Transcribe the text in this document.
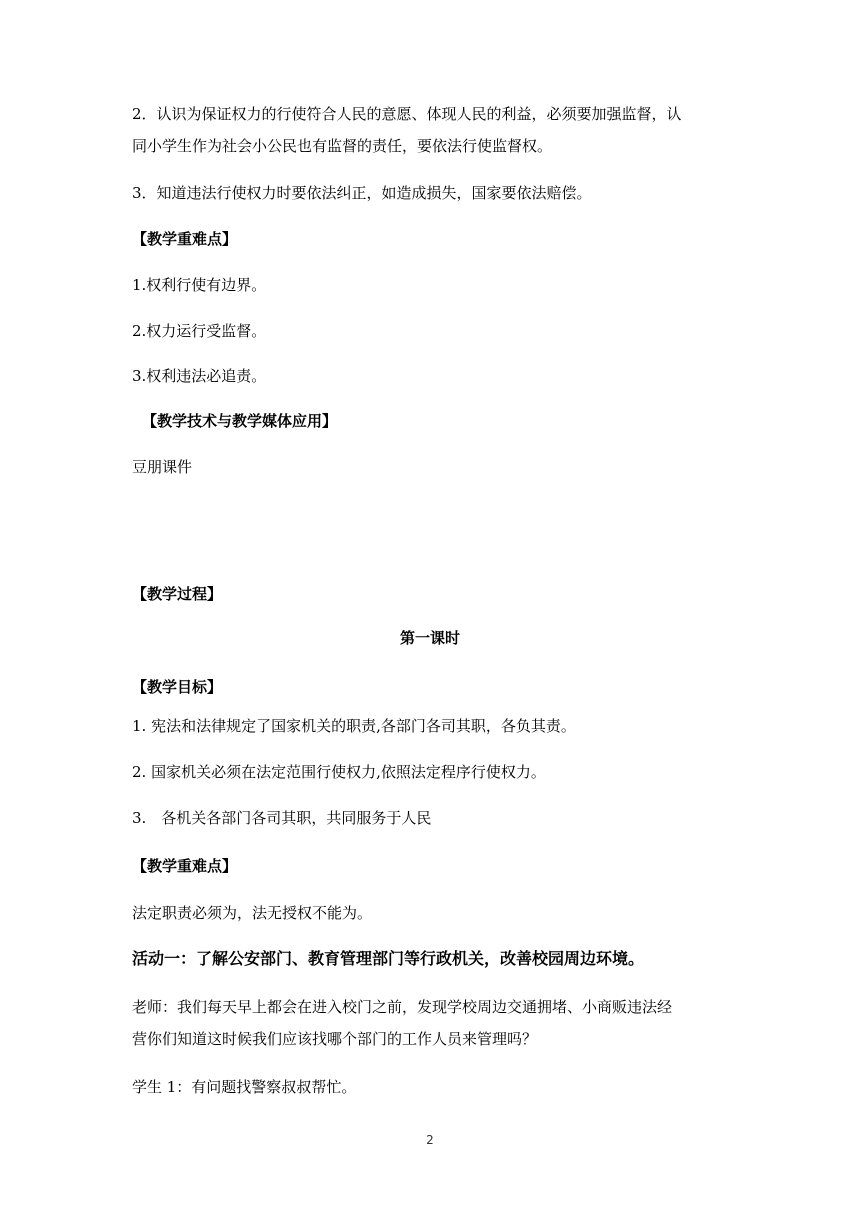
2．认识为保证权力的行使符合人民的意愿、体现人民的利益，必须要加强监督，认
同小学生作为社会小公民也有监督的责任，要依法行使监督权。
3．知道违法行使权力时要依法纠正，如造成损失，国家要依法赔偿。
【教学重难点】
1.权利行使有边界。
2.权力运行受监督。
3.权利违法必追责。
【教学技术与教学媒体应用】
豆朋课件
【教学过程】
第一课时
【教学目标】
1. 宪法和法律规定了国家机关的职责,各部门各司其职，各负其责。
2. 国家机关必须在法定范围行使权力,依照法定程序行使权力。
3.　各机关各部门各司其职，共同服务于人民
【教学重难点】
法定职责必须为，法无授权不能为。
活动一：了解公安部门、教育管理部门等行政机关，改善校园周边环境。
老师：我们每天早上都会在进入校门之前，发现学校周边交通拥堵、小商贩违法经
营你们知道这时候我们应该找哪个部门的工作人员来管理吗？
学生 1：有问题找警察叔叔帮忙。
2
